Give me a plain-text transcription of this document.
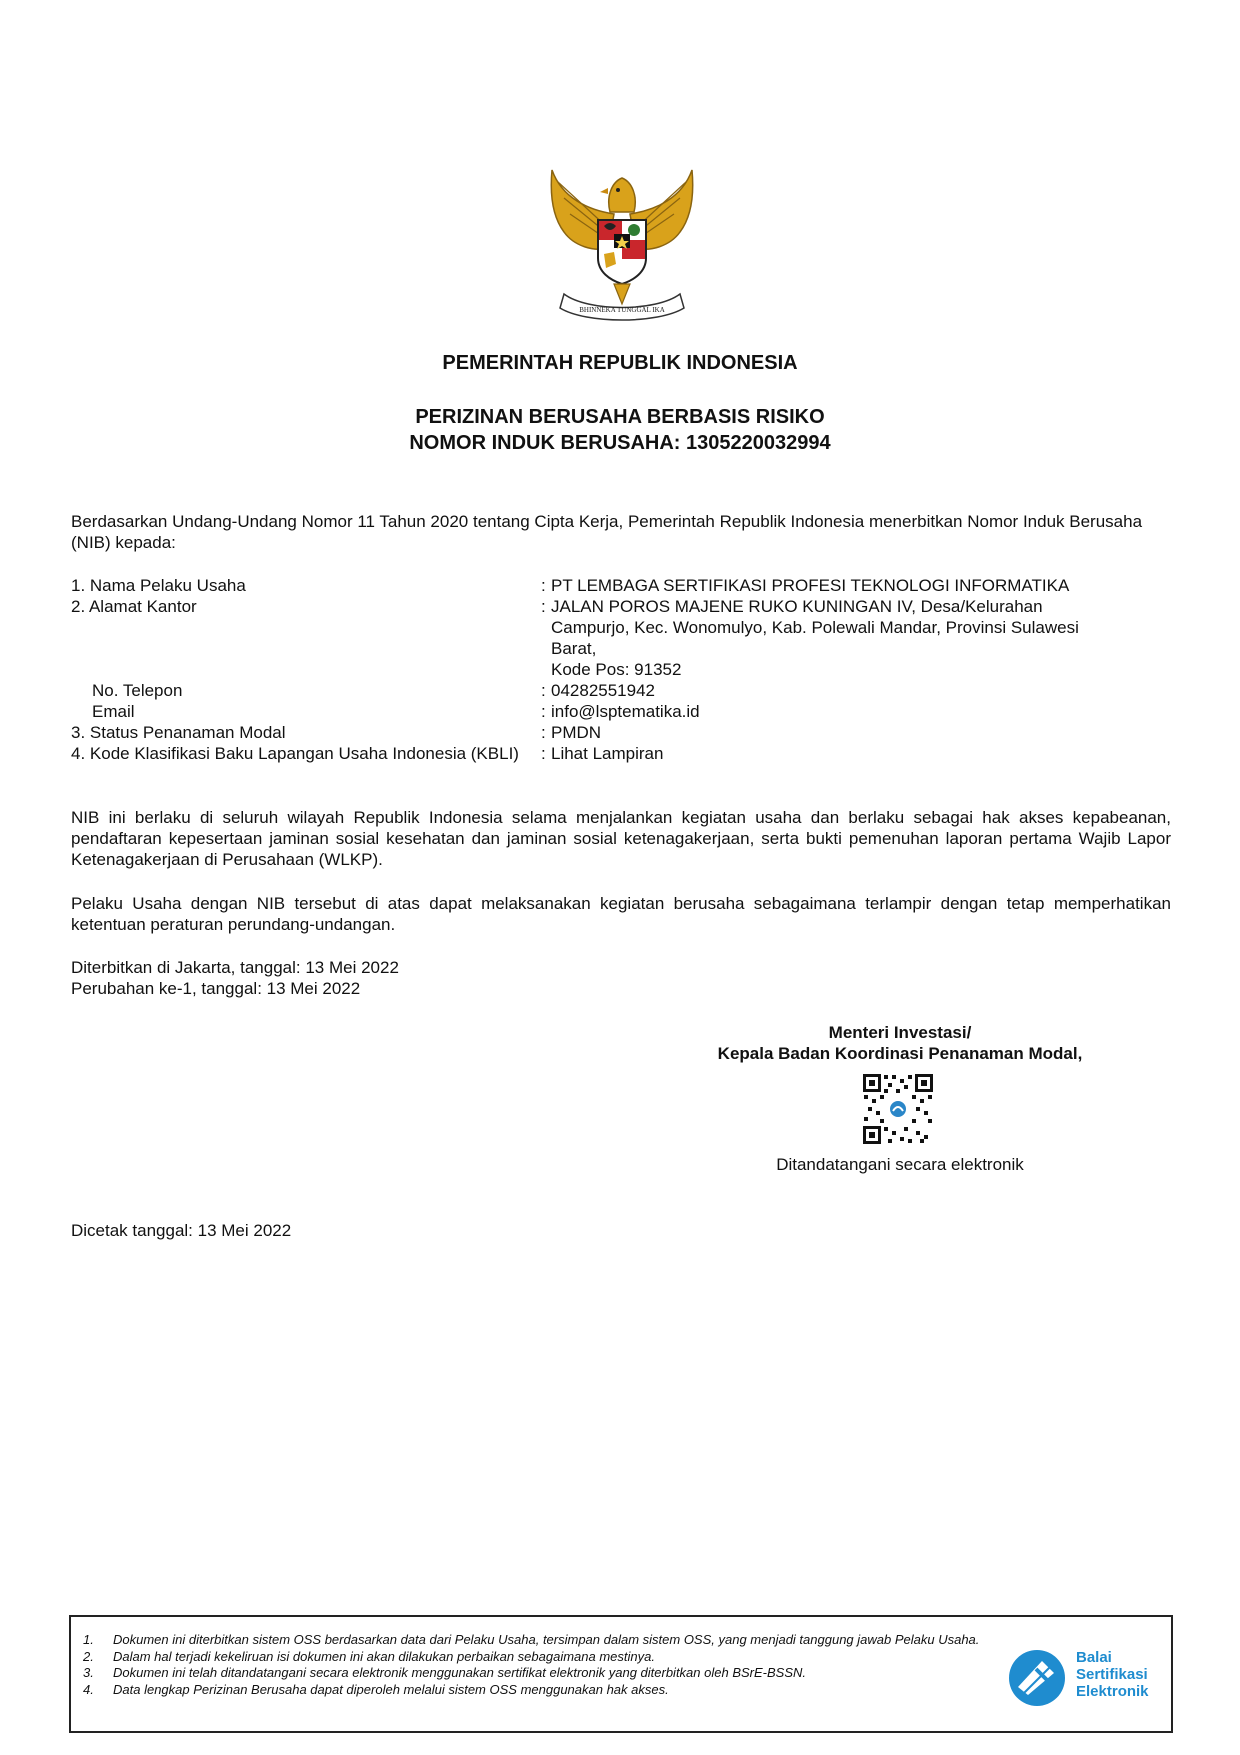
BHINNEKA TUNGGAL IKA
PEMERINTAH REPUBLIK INDONESIA
PERIZINAN BERUSAHA BERBASIS RISIKO
NOMOR INDUK BERUSAHA: 1305220032994
Berdasarkan Undang-Undang Nomor 11 Tahun 2020 tentang Cipta Kerja, Pemerintah Republik Indonesia menerbitkan Nomor Induk Berusaha (NIB) kepada:
1. Nama Pelaku Usaha	: PT LEMBAGA SERTIFIKASI PROFESI TEKNOLOGI INFORMATIKA
2. Alamat Kantor	: JALAN POROS MAJENE RUKO KUNINGAN IV, Desa/Kelurahan
Campurjo, Kec. Wonomulyo, Kab. Polewali Mandar, Provinsi Sulawesi
Barat,
Kode Pos: 91352
No. Telepon	: 04282551942
Email	: info@lsptematika.id
3. Status Penanaman Modal	: PMDN
4. Kode Klasifikasi Baku Lapangan Usaha Indonesia (KBLI)	: Lihat Lampiran
NIB ini berlaku di seluruh wilayah Republik Indonesia selama menjalankan kegiatan usaha dan berlaku sebagai hak akses kepabeanan, pendaftaran kepesertaan jaminan sosial kesehatan dan jaminan sosial ketenagakerjaan, serta bukti pemenuhan laporan pertama Wajib Lapor Ketenagakerjaan di Perusahaan (WLKP).
Pelaku Usaha dengan NIB tersebut di atas dapat melaksanakan kegiatan berusaha sebagaimana terlampir dengan tetap memperhatikan ketentuan peraturan perundang-undangan.
Diterbitkan di Jakarta, tanggal: 13 Mei 2022
Perubahan ke-1, tanggal: 13 Mei 2022
Menteri Investasi/
Kepala Badan Koordinasi Penanaman Modal,
Ditandatangani secara elektronik
Dicetak tanggal: 13 Mei 2022
1. Dokumen ini diterbitkan sistem OSS berdasarkan data dari Pelaku Usaha, tersimpan dalam sistem OSS, yang menjadi tanggung jawab Pelaku Usaha.
2. Dalam hal terjadi kekeliruan isi dokumen ini akan dilakukan perbaikan sebagaimana mestinya.
3. Dokumen ini telah ditandatangani secara elektronik menggunakan sertifikat elektronik yang diterbitkan oleh BSrE-BSSN.
4. Data lengkap Perizinan Berusaha dapat diperoleh melalui sistem OSS menggunakan hak akses.
Balai
Sertifikasi
Elektronik
